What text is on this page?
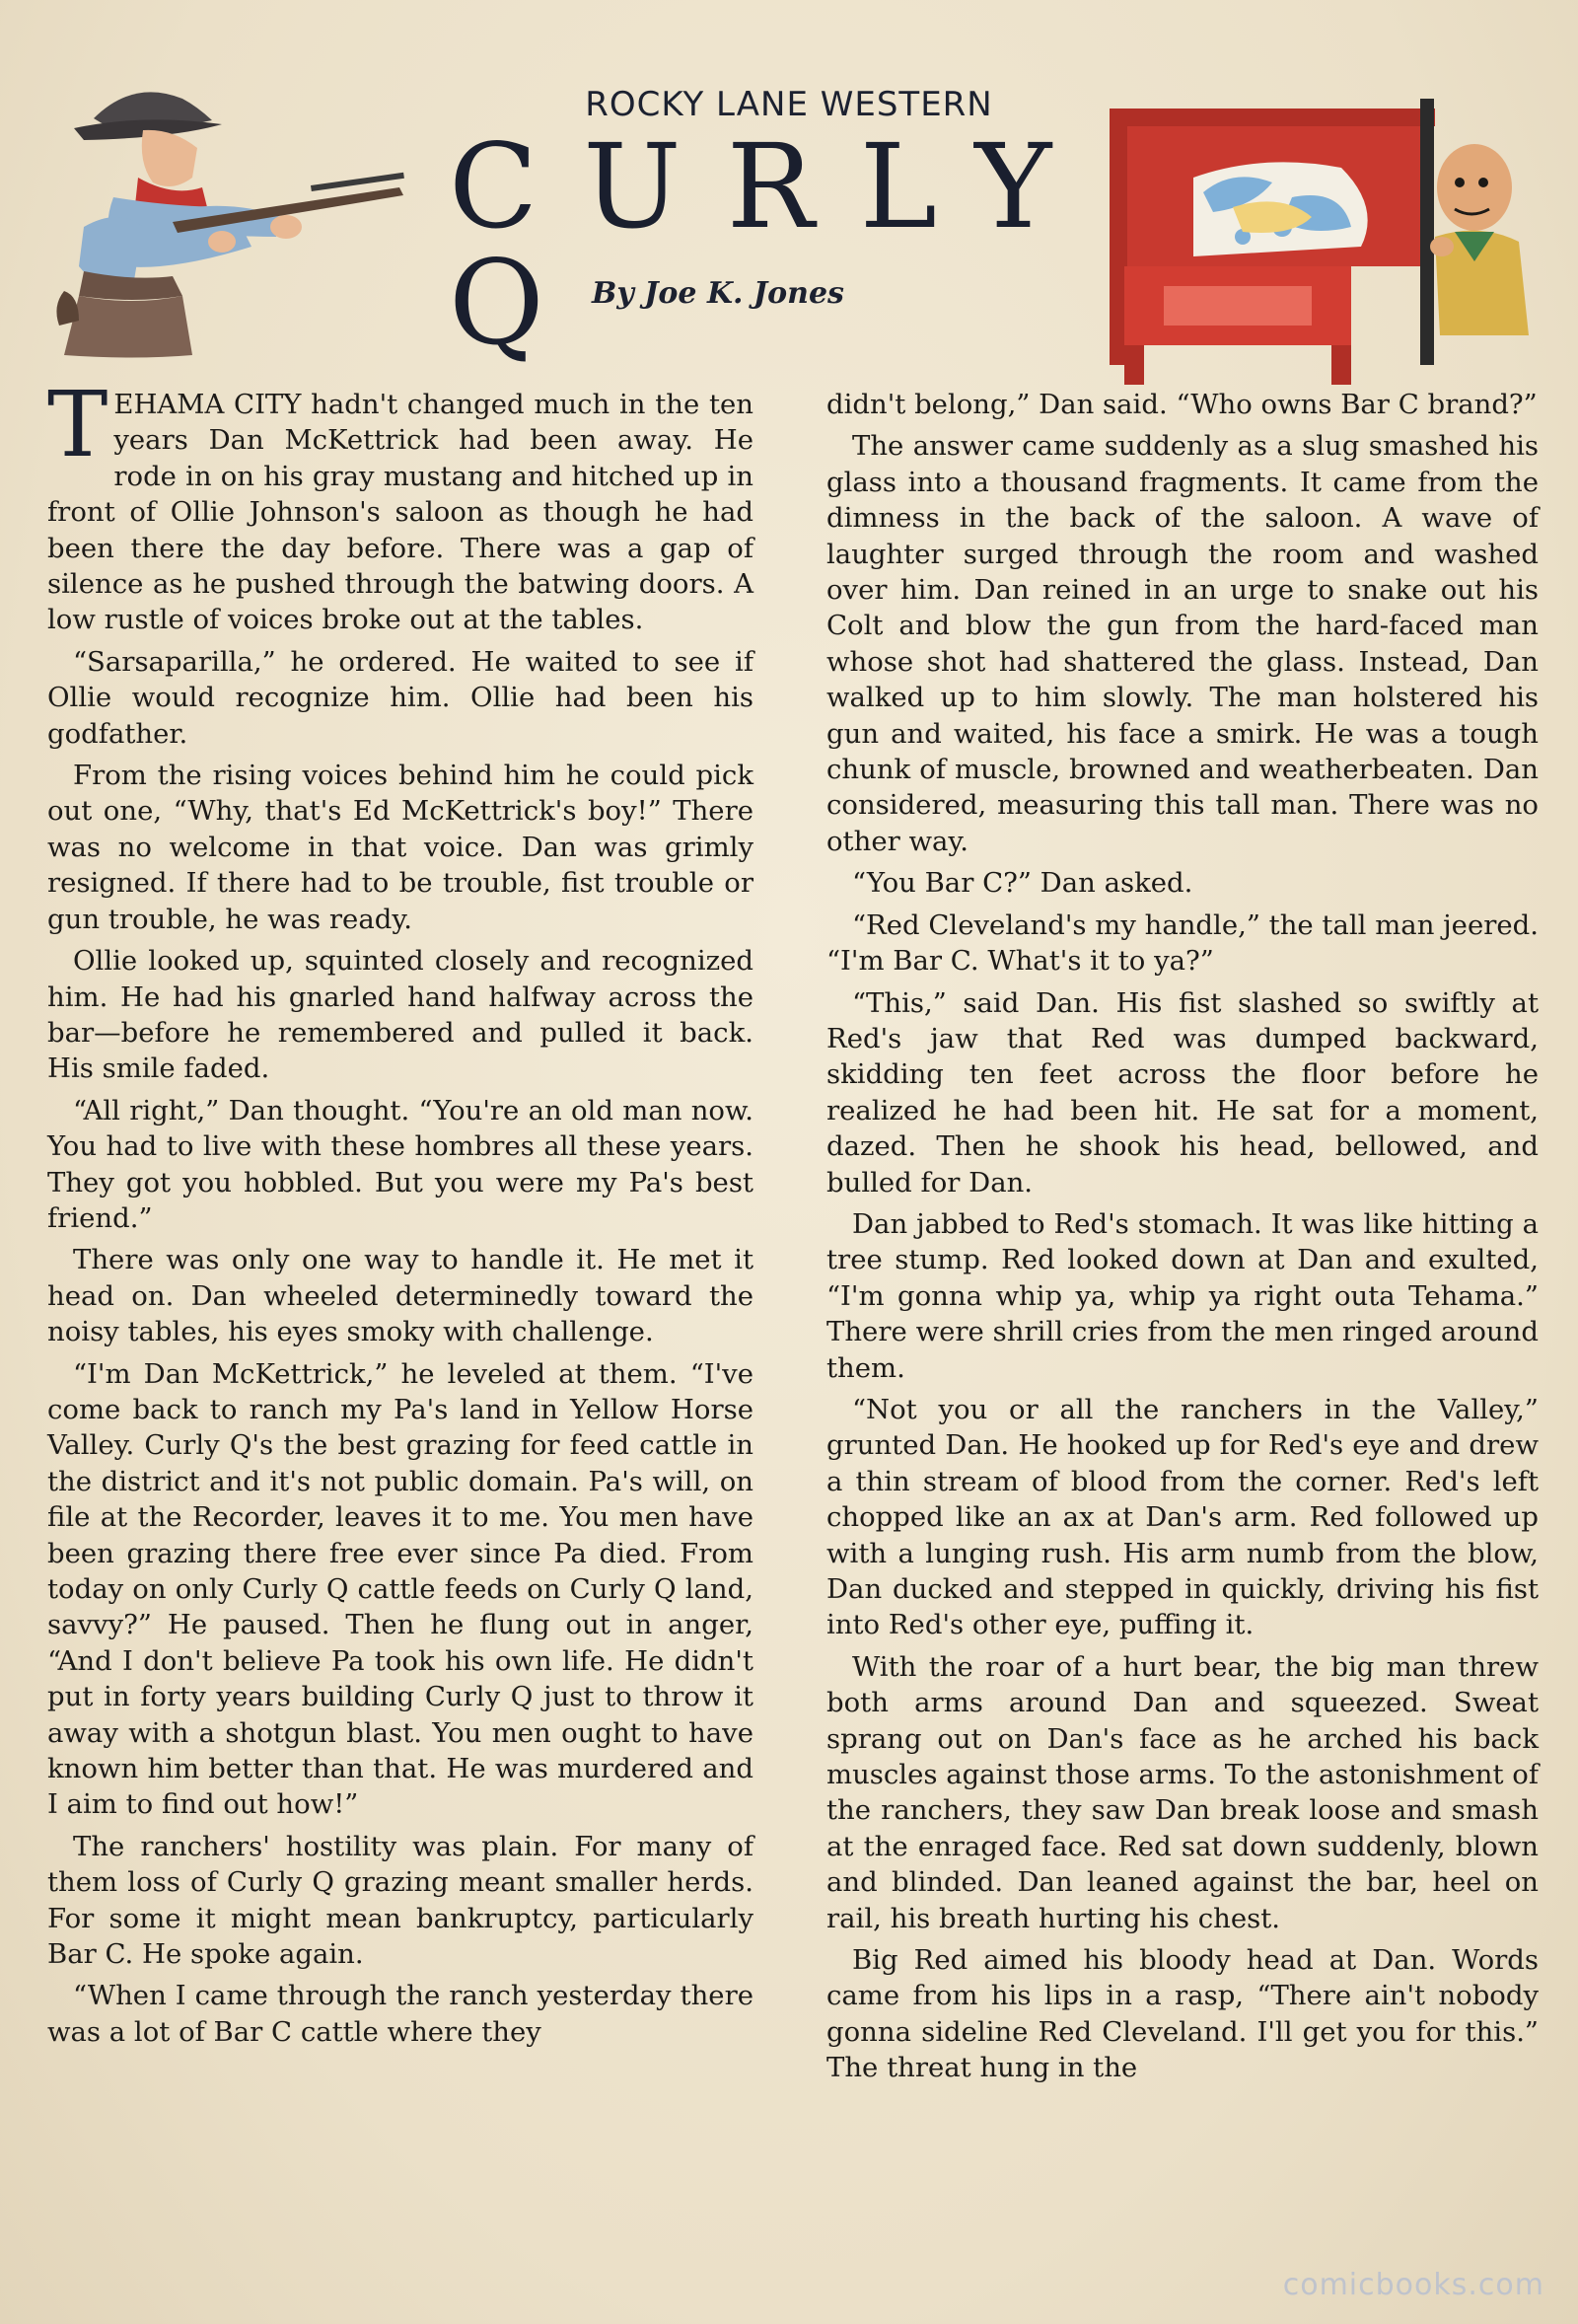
ROCKY LANE WESTERN
CURLY Q By Joe K. Jones

TEHAMA CITY hadn't changed much in the ten years Dan McKettrick had been away. He rode in on his gray mustang and hitched up in front of Ollie Johnson's saloon as though he had been there the day before. There was a gap of silence as he pushed through the batwing doors. A low rustle of voices broke out at the tables.

“Sarsaparilla,” he ordered. He waited to see if Ollie would recognize him. Ollie had been his godfather.

From the rising voices behind him he could pick out one, “Why, that's Ed McKettrick's boy!” There was no welcome in that voice. Dan was grimly resigned. If there had to be trouble, fist trouble or gun trouble, he was ready.

Ollie looked up, squinted closely and recognized him. He had his gnarled hand halfway across the bar—before he remembered and pulled it back. His smile faded.

“All right,” Dan thought. “You're an old man now. You had to live with these hombres all these years. They got you hobbled. But you were my Pa's best friend.”

There was only one way to handle it. He met it head on. Dan wheeled determinedly toward the noisy tables, his eyes smoky with challenge.

“I'm Dan McKettrick,” he leveled at them. “I've come back to ranch my Pa's land in Yellow Horse Valley. Curly Q's the best grazing for feed cattle in the district and it's not public domain. Pa's will, on file at the Recorder, leaves it to me. You men have been grazing there free ever since Pa died. From today on only Curly Q cattle feeds on Curly Q land, savvy?” He paused. Then he flung out in anger, “And I don't believe Pa took his own life. He didn't put in forty years building Curly Q just to throw it away with a shotgun blast. You men ought to have known him better than that. He was murdered and I aim to find out how!”

The ranchers' hostility was plain. For many of them loss of Curly Q grazing meant smaller herds. For some it might mean bankruptcy, particularly Bar C. He spoke again.

“When I came through the ranch yesterday there was a lot of Bar C cattle where they

didn't belong,” Dan said. “Who owns Bar C brand?”

The answer came suddenly as a slug smashed his glass into a thousand fragments. It came from the dimness in the back of the saloon. A wave of laughter surged through the room and washed over him. Dan reined in an urge to snake out his Colt and blow the gun from the hard-faced man whose shot had shattered the glass. Instead, Dan walked up to him slowly. The man holstered his gun and waited, his face a smirk. He was a tough chunk of muscle, browned and weatherbeaten. Dan considered, measuring this tall man. There was no other way.

“You Bar C?” Dan asked.

“Red Cleveland's my handle,” the tall man jeered. “I'm Bar C. What's it to ya?”

“This,” said Dan. His fist slashed so swiftly at Red's jaw that Red was dumped backward, skidding ten feet across the floor before he realized he had been hit. He sat for a moment, dazed. Then he shook his head, bellowed, and bulled for Dan.

Dan jabbed to Red's stomach. It was like hitting a tree stump. Red looked down at Dan and exulted, “I'm gonna whip ya, whip ya right outa Tehama.” There were shrill cries from the men ringed around them.

“Not you or all the ranchers in the Valley,” grunted Dan. He hooked up for Red's eye and drew a thin stream of blood from the corner. Red's left chopped like an ax at Dan's arm. Red followed up with a lunging rush. His arm numb from the blow, Dan ducked and stepped in quickly, driving his fist into Red's other eye, puffing it.

With the roar of a hurt bear, the big man threw both arms around Dan and squeezed. Sweat sprang out on Dan's face as he arched his back muscles against those arms. To the astonishment of the ranchers, they saw Dan break loose and smash at the enraged face. Red sat down suddenly, blown and blinded. Dan leaned against the bar, heel on rail, his breath hurting his chest.

Big Red aimed his bloody head at Dan. Words came from his lips in a rasp, “There ain't nobody gonna sideline Red Cleveland. I'll get you for this.” The threat hung in the

comicbooks.com
